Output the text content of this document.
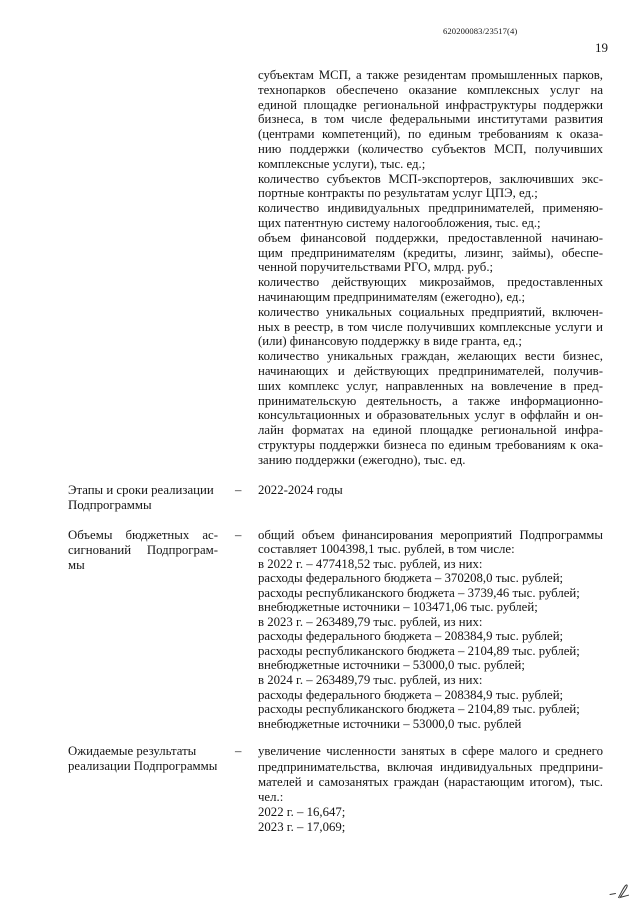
620200083/23517(4)
19
субъектам МСП, а также резидентам промышленных парков,
технопарков обеспечено оказание комплексных услуг на
единой площадке региональной инфраструктуры поддержки
бизнеса, в том числе федеральными институтами развития
(центрами компетенций), по единым требованиям к оказа-
нию поддержки (количество субъектов МСП, получивших
комплексные услуги), тыс. ед.;
количество субъектов МСП-экспортеров, заключивших экс-
портные контракты по результатам услуг ЦПЭ, ед.;
количество индивидуальных предпринимателей, применяю-
щих патентную систему налогообложения, тыс. ед.;
объем финансовой поддержки, предоставленной начинаю-
щим предпринимателям (кредиты, лизинг, займы), обеспе-
ченной поручительствами РГО, млрд. руб.;
количество действующих микрозаймов, предоставленных
начинающим предпринимателям (ежегодно), ед.;
количество уникальных социальных предприятий, включен-
ных в реестр, в том числе получивших комплексные услуги и
(или) финансовую поддержку в виде гранта, ед.;
количество уникальных граждан, желающих вести бизнес,
начинающих и действующих предпринимателей, получив-
ших комплекс услуг, направленных на вовлечение в пред-
принимательскую деятельность, а также информационно-
консультационных и образовательных услуг в оффлайн и он-
лайн форматах на единой площадке региональной инфра-
структуры поддержки бизнеса по единым требованиям к ока-
занию поддержки (ежегодно), тыс. ед.
Этапы и сроки реализации
Подпрограммы
– 2022-2024 годы
Объемы бюджетных ас-
сигнований Подпрограм-
мы
– общий объем финансирования мероприятий Подпрограммы
составляет 1004398,1 тыс. рублей, в том числе:
в 2022 г. – 477418,52 тыс. рублей, из них:
расходы федерального бюджета – 370208,0 тыс. рублей;
расходы республиканского бюджета – 3739,46 тыс. рублей;
внебюджетные источники – 103471,06 тыс. рублей;
в 2023 г. – 263489,79 тыс. рублей, из них:
расходы федерального бюджета – 208384,9 тыс. рублей;
расходы республиканского бюджета – 2104,89 тыс. рублей;
внебюджетные источники – 53000,0 тыс. рублей;
в 2024 г. – 263489,79 тыс. рублей, из них:
расходы федерального бюджета – 208384,9 тыс. рублей;
расходы республиканского бюджета – 2104,89 тыс. рублей;
внебюджетные источники – 53000,0 тыс. рублей
Ожидаемые результаты
реализации Подпрограммы
– увеличение численности занятых в сфере малого и среднего
предпринимательства, включая индивидуальных предприни-
мателей и самозанятых граждан (нарастающим итогом), тыс.
чел.:
2022 г. – 16,647;
2023 г. – 17,069;
